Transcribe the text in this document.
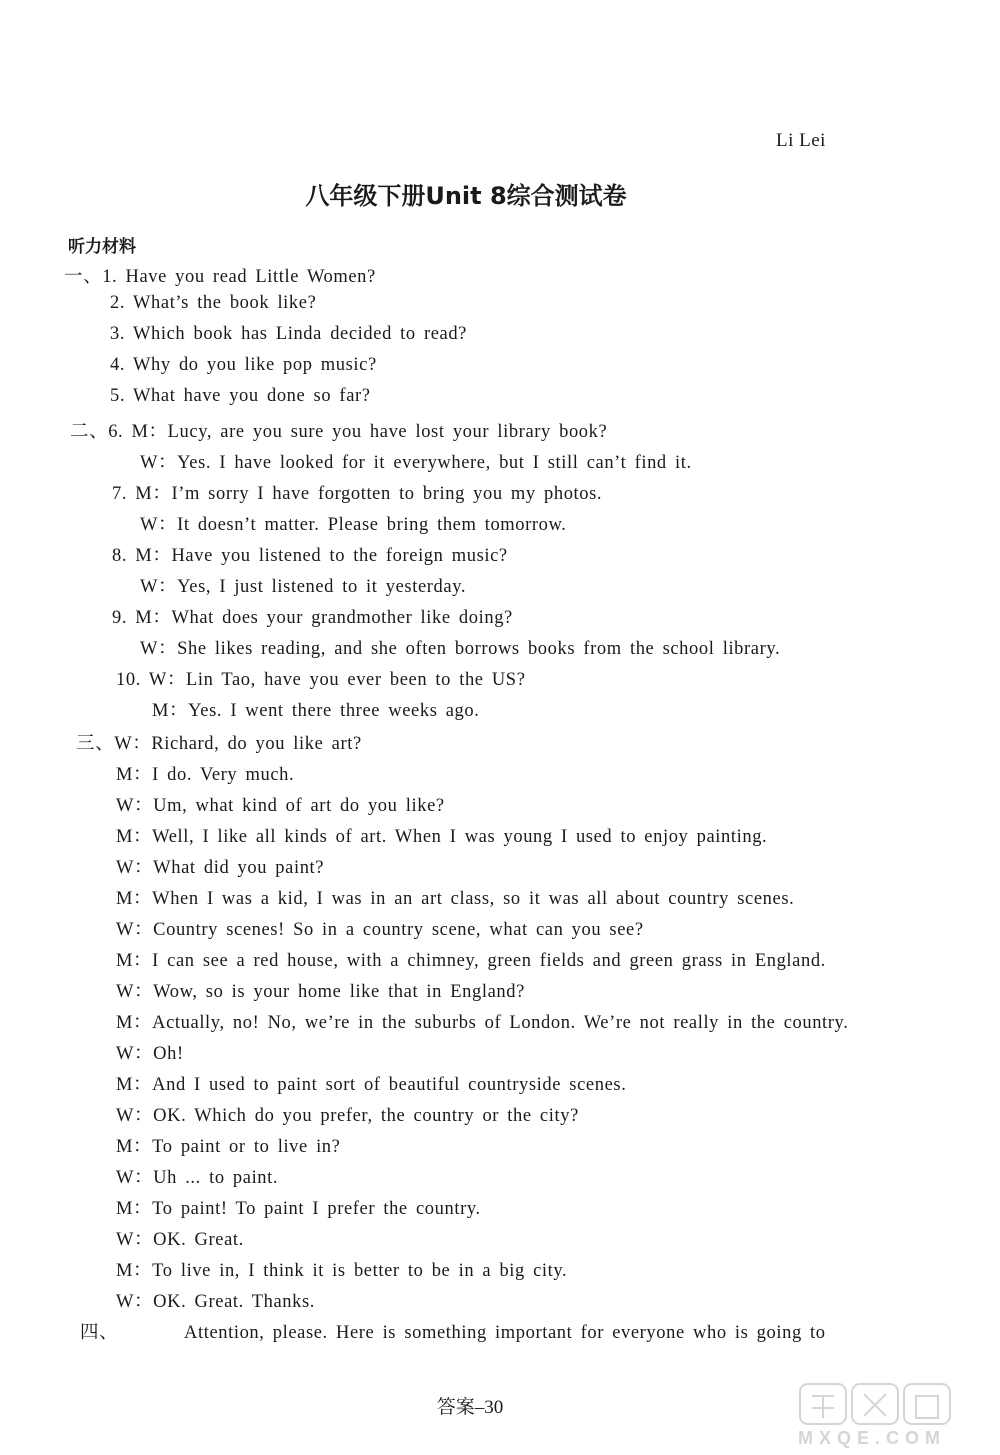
Li Lei
八年级下册Unit 8综合测试卷
听力材料
一、1. Have you read Little Women?
2. What’s the book like?
3. Which book has Linda decided to read?
4. Why do you like pop music?
5. What have you done so far?
二、6. M：Lucy, are you sure you have lost your library book?
W：Yes. I have looked for it everywhere, but I still can’t find it.
7. M：I’m sorry I have forgotten to bring you my photos.
W：It doesn’t matter. Please bring them tomorrow.
8. M：Have you listened to the foreign music?
W：Yes, I just listened to it yesterday.
9. M：What does your grandmother like doing?
W：She likes reading, and she often borrows books from the school library.
10. W：Lin Tao, have you ever been to the US?
M：Yes. I went there three weeks ago.
三、W：Richard, do you like art?
M：I do. Very much.
W：Um, what kind of art do you like?
M：Well, I like all kinds of art. When I was young I used to enjoy painting.
W：What did you paint?
M：When I was a kid, I was in an art class, so it was all about country scenes.
W：Country scenes! So in a country scene, what can you see?
M：I can see a red house, with a chimney, green fields and green grass in England.
W：Wow, so is your home like that in England?
M：Actually, no! No, we’re in the suburbs of London. We’re not really in the country.
W：Oh!
M：And I used to paint sort of beautiful countryside scenes.
W：OK. Which do you prefer, the country or the city?
M：To paint or to live in?
W：Uh ... to paint.
M：To paint! To paint I prefer the country.
W：OK. Great.
M：To live in, I think it is better to be in a big city.
W：OK. Great. Thanks.
四、        Attention, please. Here is something important for everyone who is going to
答案–30
MXQE.COM
